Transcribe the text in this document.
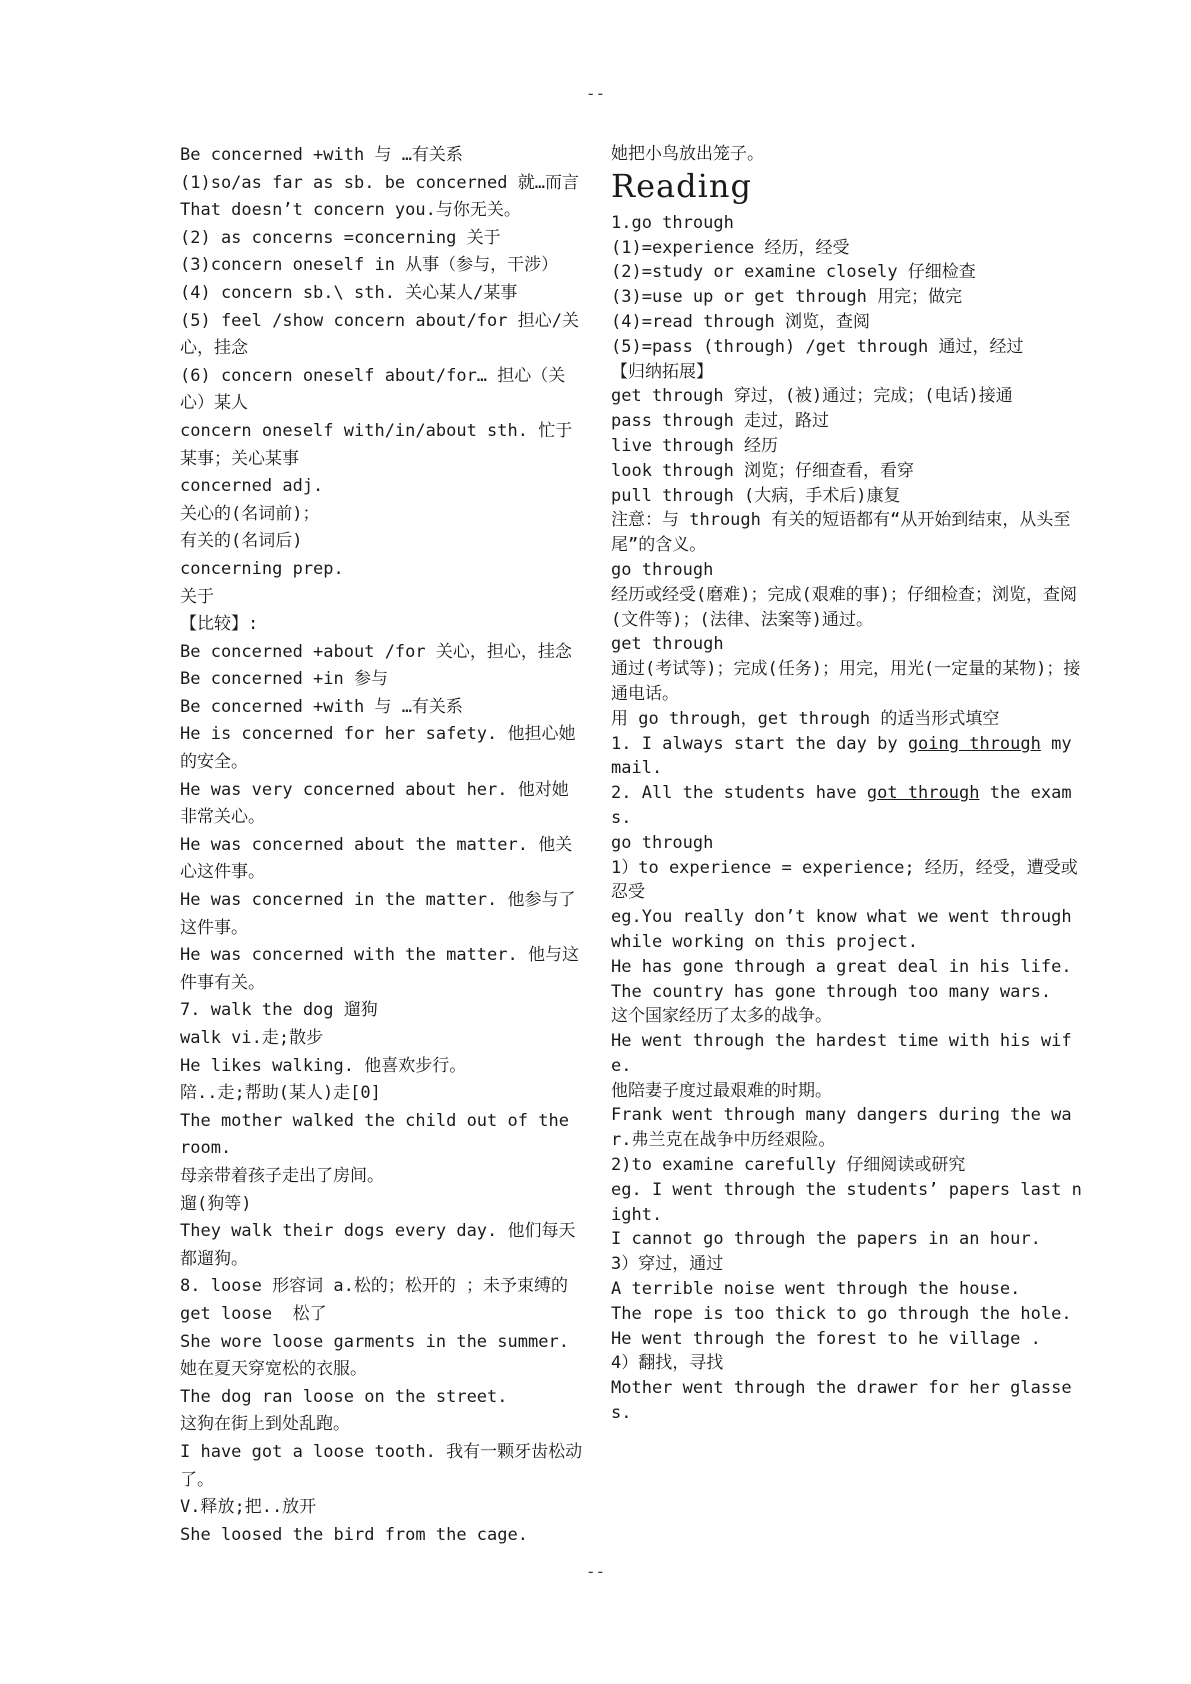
--
Be concerned +with 与 …有关系
(1)so/as far as sb. be concerned 就…而言
That doesn’t concern you.与你无关。
(2) as concerns =concerning 关于
(3)concern oneself in 从事（参与，干涉）
(4) concern sb.\ sth. 关心某人/某事
(5) feel /show concern about/for 担心/关心，挂念
(6) concern oneself about/for… 担心（关心）某人
concern oneself with/in/about sth. 忙于某事；关心某事
concerned adj.
关心的(名词前)；
有关的(名词后)
concerning prep.
关于
【比较】:
Be concerned +about /for 关心，担心，挂念
Be concerned +in 参与
Be concerned +with 与 …有关系
He is concerned for her safety. 他担心她的安全。
He was very concerned about her. 他对她非常关心。
He was concerned about the matter. 他关心这件事。
He was concerned in the matter. 他参与了这件事。
He was concerned with the matter. 他与这件事有关。
7. walk the dog 遛狗
walk vi.走;散步
He likes walking. 他喜欢步行。
陪..走;帮助(某人)走[0]
The mother walked the child out of the room.
母亲带着孩子走出了房间。
遛(狗等)
They walk their dogs every day. 他们每天都遛狗。
8. loose 形容词 a.松的；松开的 ；未予束缚的
get loose  松了
She wore loose garments in the summer. 她在夏天穿宽松的衣服。
The dog ran loose on the street.
这狗在街上到处乱跑。
I have got a loose tooth. 我有一颗牙齿松动了。
V.释放;把..放开
She loosed the bird from the cage.
她把小鸟放出笼子。
Reading
1.go through
(1)=experience 经历，经受
(2)=study or examine closely 仔细检查
(3)=use up or get through 用完；做完
(4)=read through 浏览，查阅
(5)=pass (through) /get through 通过，经过
【归纳拓展】
get through 穿过，(被)通过；完成；(电话)接通
pass through 走过，路过
live through 经历
look through 浏览；仔细查看，看穿
pull through (大病，手术后)康复
注意：与 through 有关的短语都有“从开始到结束，从头至尾”的含义。
go through
经历或经受(磨难)；完成(艰难的事)；仔细检查；浏览，查阅(文件等)；(法律、法案等)通过。
get through
通过(考试等)；完成(任务)；用完，用光(一定量的某物)；接通电话。
用 go through，get through 的适当形式填空
1. I always start the day by going through my mail.
2. All the students have got through the exams.
go through
1）to experience = experience; 经历，经受，遭受或忍受
eg.You really don’t know what we went through while working on this project.
He has gone through a great deal in his life.
The country has gone through too many wars.
这个国家经历了太多的战争。
He went through the hardest time with his wife.
他陪妻子度过最艰难的时期。
Frank went through many dangers during the war.弗兰克在战争中历经艰险。
2)to examine carefully 仔细阅读或研究
eg. I went through the students’ papers last night.
I cannot go through the papers in an hour.
3）穿过，通过
A terrible noise went through the house.
The rope is too thick to go through the hole.
He went through the forest to he village .
4）翻找，寻找
Mother went through the drawer for her glasses.
--
